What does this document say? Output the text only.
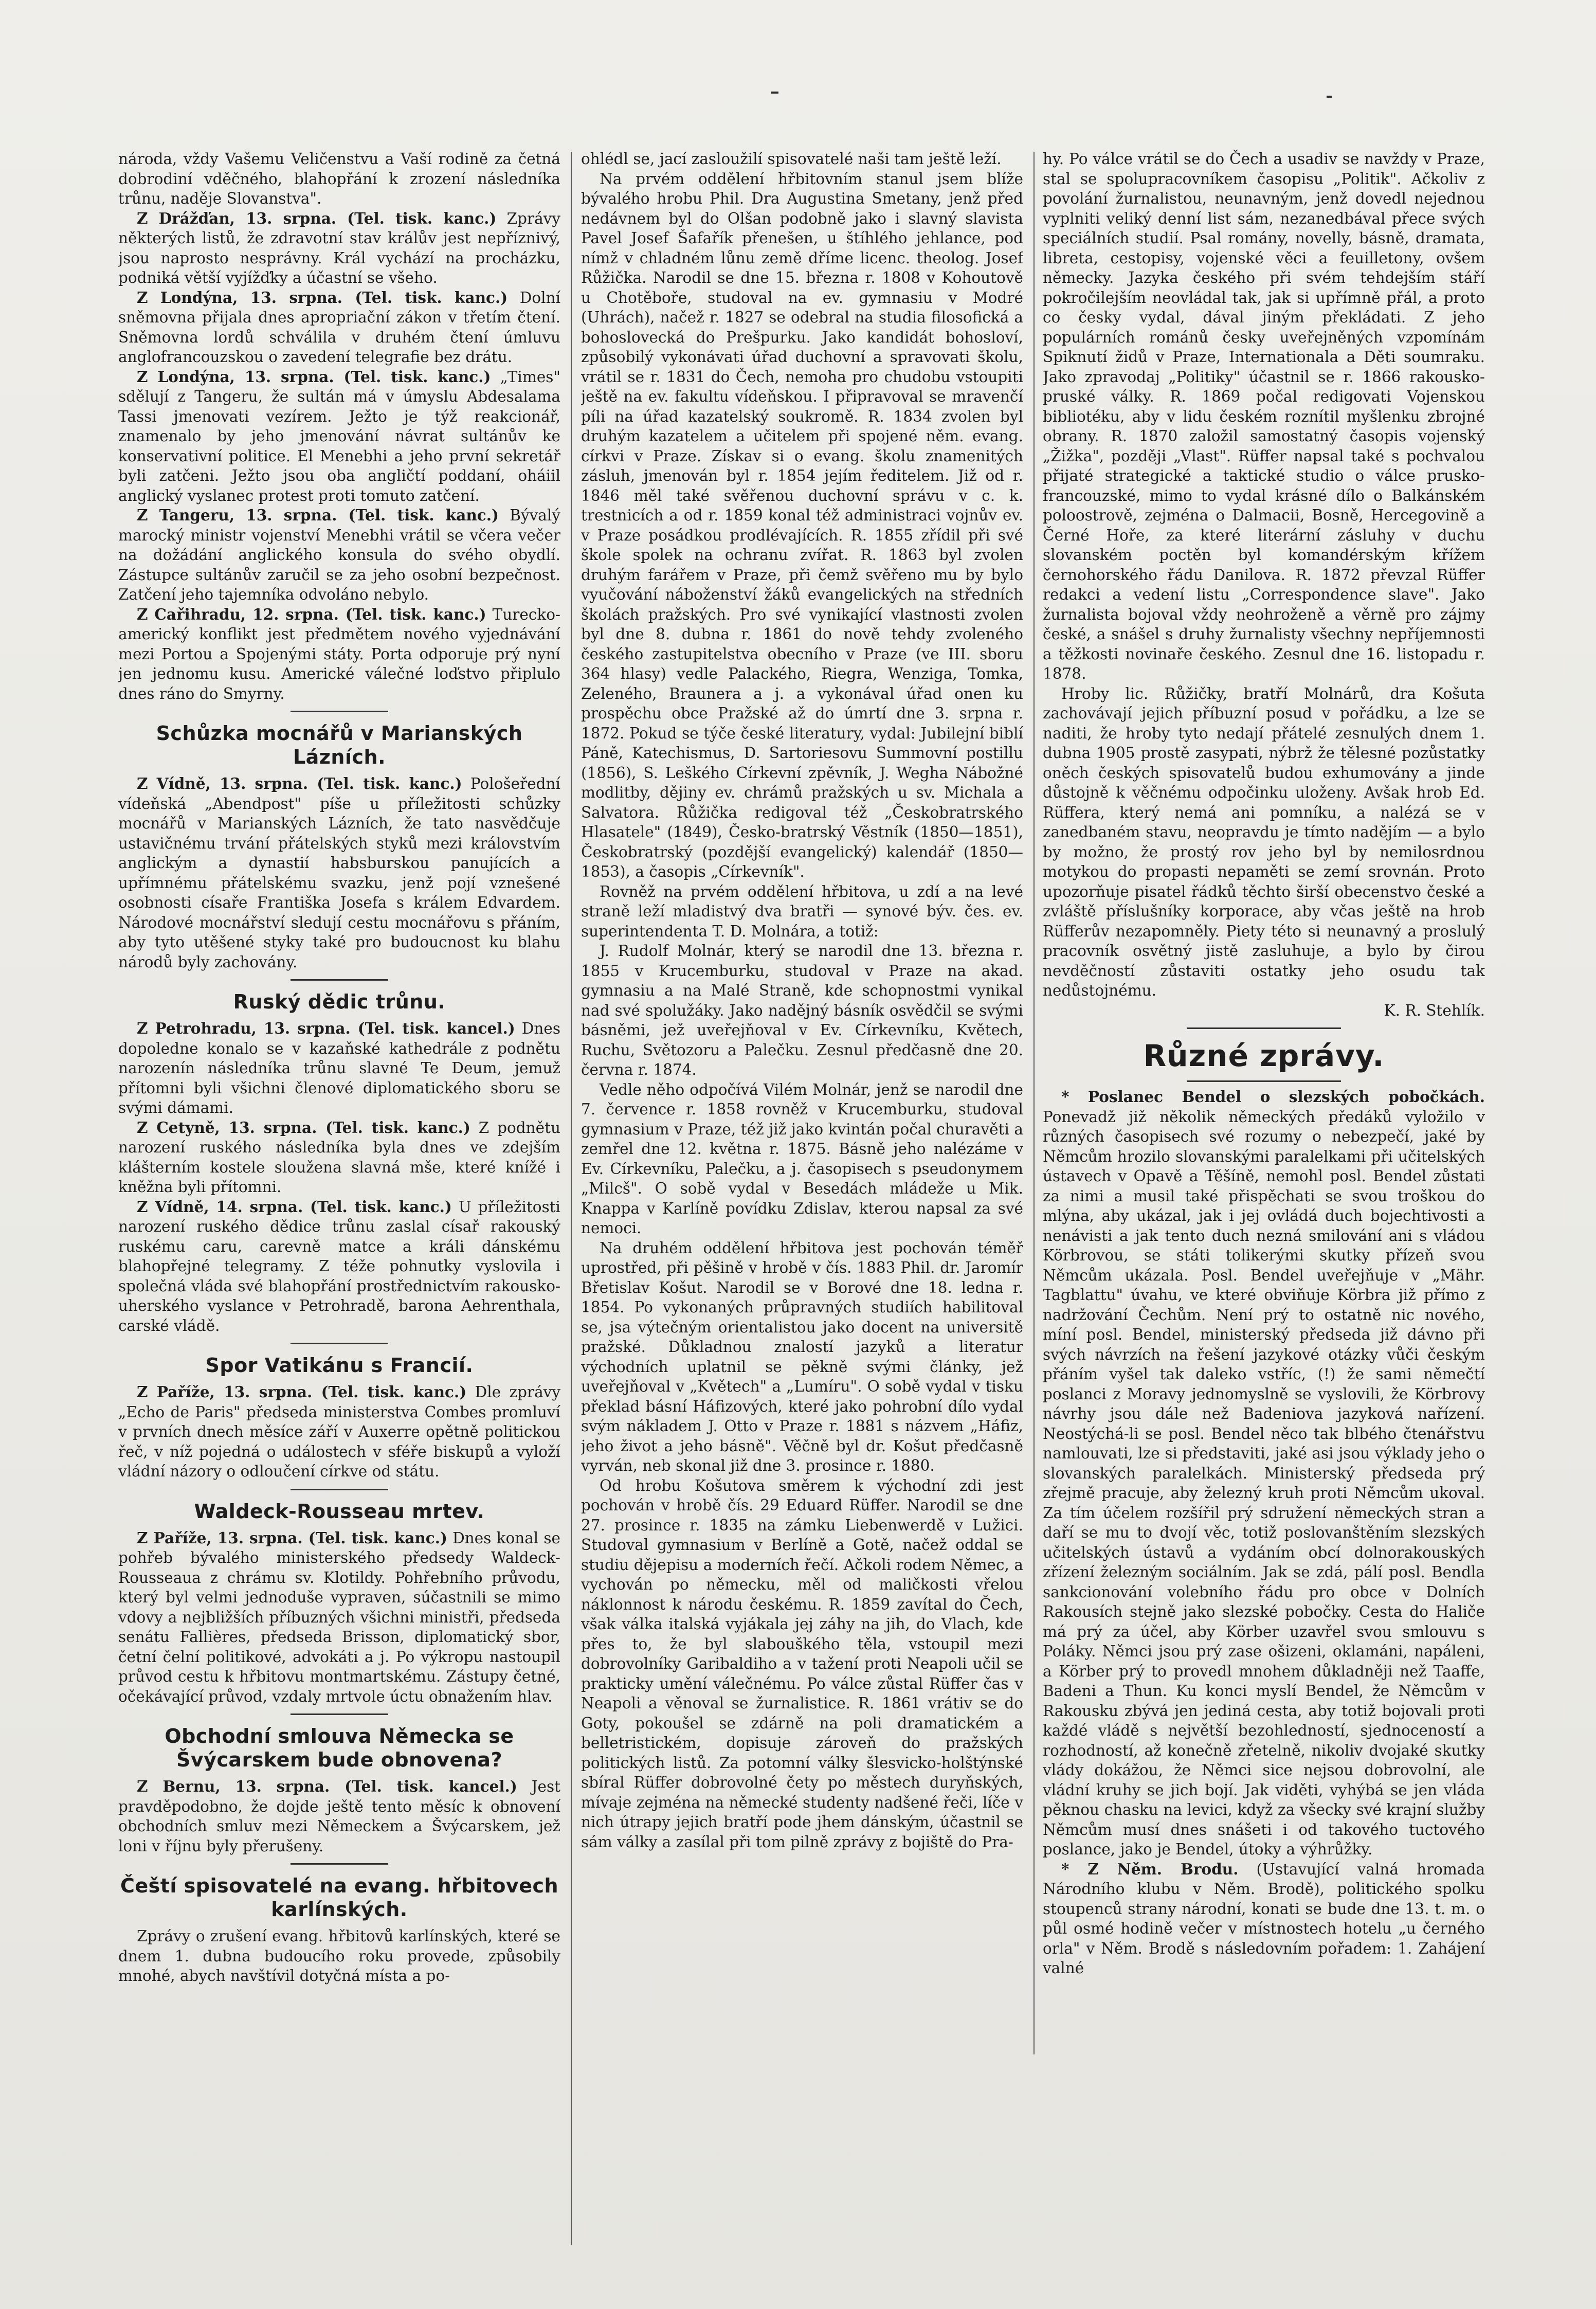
národa, vždy Vašemu Veličenstvu a Vaší rodině za četná dobrodiní vděčného, blahopřání k zrození následníka trůnu, naděje Slovanstva".

Z Drážďan, 13. srpna. (Tel. tisk. kanc.) Zprávy některých listů, že zdravotní stav králův jest nepříznivý, jsou naprosto nesprávny. Král vychází na procházku, podniká větší vyjížďky a účastní se všeho.

Z Londýna, 13. srpna. (Tel. tisk. kanc.) Dolní sněmovna přijala dnes apropriační zákon v třetím čtení. Sněmovna lordů schválila v druhém čtení úmluvu anglofrancouzskou o zavedení telegrafie bez drátu.

Z Londýna, 13. srpna. (Tel. tisk. kanc.) „Times" sdělují z Tangeru, že sultán má v úmyslu Abdesalama Tassi jmenovati vezírem. Ježto je týž reakcionář, znamenalo by jeho jmenování návrat sultánův ke konservativní politice. El Menebhi a jeho první sekretář byli zatčeni. Ježto jsou oba angličtí poddaní, oháiil anglický vyslanec protest proti tomuto zatčení.

Z Tangeru, 13. srpna. (Tel. tisk. kanc.) Bývalý marocký ministr vojenství Menebhi vrátil se včera večer na dožádání anglického konsula do svého obydlí. Zástupce sultánův zaručil se za jeho osobní bezpečnost. Zatčení jeho tajemníka odvoláno nebylo.

Z Cařihradu, 12. srpna. (Tel. tisk. kanc.) Turecko-americký konflikt jest předmětem nového vyjednávání mezi Portou a Spojenými státy. Porta odporuje prý nyní jen jednomu kusu. Americké válečné loďstvo připlulo dnes ráno do Smyrny.

Schůzka mocnářů v Marianských Lázních.

Z Vídně, 13. srpna. (Tel. tisk. kanc.) Pološeřední vídeňská „Abendpost" píše u příležitosti schůzky mocnářů v Marianských Lázních, že tato nasvědčuje ustavičnému trvání přátelských styků mezi královstvím anglickým a dynastií habsburskou panujících a upřímnému přátelskému svazku, jenž pojí vznešené osobnosti císaře Františka Josefa s králem Edvardem. Národové mocnářství sledují cestu mocnářovu s přáním, aby tyto utěšené styky také pro budoucnost ku blahu národů byly zachovány.

Ruský dědic trůnu.

Z Petrohradu, 13. srpna. (Tel. tisk. kancel.) Dnes dopoledne konalo se v kazaňské kathedrále z podnětu narozenín následníka trůnu slavné Te Deum, jemuž přítomni byli všichni členové diplomatického sboru se svými dámami.

Z Cetyně, 13. srpna. (Tel. tisk. kanc.) Z podnětu narození ruského následníka byla dnes ve zdejším klášterním kostele sloužena slavná mše, které knížé i kněžna byli přítomni.

Z Vídně, 14. srpna. (Tel. tisk. kanc.) U příležitosti narození ruského dědice trůnu zaslal císař rakouský ruskému caru, carevně matce a králi dánskému blahopřejné telegramy. Z téže pohnutky vyslovila i společná vláda své blahopřání prostřednictvím rakousko-uherského vyslance v Petrohradě, barona Aehrenthala, carské vládě.

Spor Vatikánu s Francií.

Z Paříže, 13. srpna. (Tel. tisk. kanc.) Dle zprávy „Echo de Paris" předseda ministerstva Combes promluví v prvních dnech měsíce září v Auxerre opětně politickou řeč, v níž pojedná o událostech v sféře biskupů a vyloží vládní názory o odloučení církve od státu.

Waldeck-Rousseau mrtev.

Z Paříže, 13. srpna. (Tel. tisk. kanc.) Dnes konal se pohřeb bývalého ministerského předsedy Waldeck-Rousseaua z chrámu sv. Klotildy. Pohřebního průvodu, který byl velmi jednoduše vypraven, súčastnili se mimo vdovy a nejbližších příbuzných všichni ministři, předseda senátu Fallières, předseda Brisson, diplomatický sbor, četní čelní politikové, advokáti a j. Po výkropu nastoupil průvod cestu k hřbitovu montmartskému. Zástupy četné, očekávající průvod, vzdaly mrtvole úctu obnažením hlav.

Obchodní smlouva Německa se Švýcarskem bude obnovena?

Z Bernu, 13. srpna. (Tel. tisk. kancel.) Jest pravděpodobno, že dojde ještě tento měsíc k obnovení obchodních smluv mezi Německem a Švýcarskem, jež loni v říjnu byly přerušeny.

Čeští spisovatelé na evang. hřbitovech karlínských.

Zprávy o zrušení evang. hřbitovů karlínských, které se dnem 1. dubna budoucího roku provede, způsobily mnohé, abych navštívil dotyčná místa a po-

ohlédl se, jací zasloužilí spisovatelé naši tam ještě leží.

Na prvém oddělení hřbitovním stanul jsem blíže bývalého hrobu Phil. Dra Augustina Smetany, jenž před nedávnem byl do Olšan podobně jako i slavný slavista Pavel Josef Šafařík přenešen, u štíhlého jehlance, pod nímž v chladném lůnu země dříme licenc. theolog. Josef Růžička. Narodil se dne 15. března r. 1808 v Kohoutově u Chotěboře, studoval na ev. gymnasiu v Modré (Uhrách), načež r. 1827 se odebral na studia filosofická a bohoslovecká do Prešpurku. Jako kandidát bohosloví, způsobilý vykonávati úřad duchovní a spravovati školu, vrátil se r. 1831 do Čech, nemoha pro chudobu vstoupiti ještě na ev. fakultu vídeňskou. I připravoval se mravenčí píli na úřad kazatelský soukromě. R. 1834 zvolen byl druhým kazatelem a učitelem při spojené něm. evang. církvi v Praze. Získav si o evang. školu znamenitých zásluh, jmenován byl r. 1854 jejím ředitelem. Již od r. 1846 měl také svěřenou duchovní správu v c. k. trestnicích a od r. 1859 konal též administraci vojnův ev. v Praze posádkou prodlévajících. R. 1855 zřídil při své škole spolek na ochranu zvířat. R. 1863 byl zvolen druhým farářem v Praze, při čemž svěřeno mu by bylo vyučování náboženství žáků evangelických na středních školách pražských. Pro své vynikající vlastnosti zvolen byl dne 8. dubna r. 1861 do nově tehdy zvoleného českého zastupitelstva obecního v Praze (ve III. sboru 364 hlasy) vedle Palackého, Riegra, Wenziga, Tomka, Zeleného, Braunera a j. a vykonával úřad onen ku prospěchu obce Pražské až do úmrtí dne 3. srpna r. 1872. Pokud se týče české literatury, vydal: Jubilejní biblí Páně, Katechismus, D. Sartoriesovu Summovní postillu (1856), S. Leškého Církevní zpěvník, J. Wegha Nábožné modlitby, dějiny ev. chrámů pražských u sv. Michala a Salvatora. Růžička redigoval též „Českobratrského Hlasatele" (1849), Česko-bratrský Věstník (1850—1851), Českobratrský (pozdější evangelický) kalendář (1850—1853), a časopis „Církevník".

Rovněž na prvém oddělení hřbitova, u zdí a na levé straně leží mladistvý dva bratři — synové býv. čes. ev. superintendenta T. D. Molnára, a totiž:

J. Rudolf Molnár, který se narodil dne 13. března r. 1855 v Krucemburku, studoval v Praze na akad. gymnasiu a na Malé Straně, kde schopnostmi vynikal nad své spolužáky. Jako nadějný básník osvědčil se svými básněmi, jež uveřejňoval v Ev. Církevníku, Květech, Ruchu, Světozoru a Palečku. Zesnul předčasně dne 20. června r. 1874.

Vedle něho odpočívá Vilém Molnár, jenž se narodil dne 7. července r. 1858 rovněž v Krucemburku, studoval gymnasium v Praze, též již jako kvintán počal churavěti a zemřel dne 12. května r. 1875. Básně jeho nalézáme v Ev. Církevníku, Palečku, a j. časopisech s pseudonymem „Milcš". O sobě vydal v Besedách mládeže u Mik. Knappa v Karlíně povídku Zdislav, kterou napsal za své nemoci.

Na druhém oddělení hřbitova jest pochován téměř uprostřed, při pěšině v hrobě v čís. 1883 Phil. dr. Jaromír Břetislav Košut. Narodil se v Borové dne 18. ledna r. 1854. Po vykonaných průpravných studiích habilitoval se, jsa výtečným orientalistou jako docent na universitě pražské. Důkladnou znalostí jazyků a literatur východních uplatnil se pěkně svými články, jež uveřejňoval v „Květech" a „Lumíru". O sobě vydal v tisku překlad básní Háfizových, které jako pohrobní dílo vydal svým nákladem J. Otto v Praze r. 1881 s názvem „Háfiz, jeho život a jeho básně". Věčně byl dr. Košut předčasně vyrván, neb skonal již dne 3. prosince r. 1880.

Od hrobu Košutova směrem k východní zdi jest pochován v hrobě čís. 29 Eduard Rüffer. Narodil se dne 27. prosince r. 1835 na zámku Liebenwerdě v Lužici. Studoval gymnasium v Berlíně a Gotě, načež oddal se studiu dějepisu a moderních řečí. Ačkoli rodem Němec, a vychován po německu, měl od maličkosti vřelou náklonnost k národu českému. R. 1859 zavítal do Čech, však válka italská vyjákala jej záhy na jih, do Vlach, kde přes to, že byl slabouškého těla, vstoupil mezi dobrovolníky Garibaldiho a v tažení proti Neapoli učil se prakticky umění válečnému. Po válce zůstal Rüffer čas v Neapoli a věnoval se žurnalistice. R. 1861 vrátiv se do Goty, pokoušel se zdárně na poli dramatickém a belletristickém, dopisuje zároveň do pražských politických listů. Za potomní války šlesvicko-holštýnské sbíral Rüffer dobrovolné čety po městech duryňských, mívaje zejména na německé studenty nadšené řeči, líče v nich útrapy jejich bratří pode jhem dánským, účastnil se sám války a zasílal při tom pilně zprávy z bojiště do Pra-

hy. Po válce vrátil se do Čech a usadiv se navždy v Praze, stal se spolupracovníkem časopisu „Politik". Ačkoliv z povolání žurnalistou, neunavným, jenž dovedl nejednou vyplniti veliký denní list sám, nezanedbával přece svých speciálních studií. Psal romány, novelly, básně, dramata, libreta, cestopisy, vojenské věci a feuilletony, ovšem německy. Jazyka českého při svém tehdejším stáří pokročilejším neovládal tak, jak si upřímně přál, a proto co česky vydal, dával jiným překládati. Z jeho populárních románů česky uveřejněných vzpomínám Spiknutí židů v Praze, Internationala a Děti soumraku. Jako zpravodaj „Politiky" účastnil se r. 1866 rakousko-pruské války. R. 1869 počal redigovati Vojenskou bibliotéku, aby v lidu českém roznítil myšlenku zbrojné obrany. R. 1870 založil samostatný časopis vojenský „Žižka", později „Vlast". Rüffer napsal také s pochvalou přijaté strategické a taktické studio o válce prusko-francouzské, mimo to vydal krásné dílo o Balkánském poloostrově, zejména o Dalmacii, Bosně, Hercegovině a Černé Hoře, za které literární zásluhy v duchu slovanském poctěn byl komandérským křížem černohorského řádu Danilova. R. 1872 převzal Rüffer redakci a vedení listu „Correspondence slave". Jako žurnalista bojoval vždy neohroženě a věrně pro zájmy české, a snášel s druhy žurnalisty všechny nepříjemnosti a těžkosti novinaře českého. Zesnul dne 16. listopadu r. 1878.

Hroby lic. Růžičky, bratří Molnárů, dra Košuta zachovávají jejich příbuzní posud v pořádku, a lze se naditi, že hroby tyto nedají přátelé zesnulých dnem 1. dubna 1905 prostě zasypati, nýbrž že tělesné pozůstatky oněch českých spisovatelů budou exhumovány a jinde důstojně k věčnému odpočinku uloženy. Avšak hrob Ed. Rüffera, který nemá ani pomníku, a nalézá se v zanedbaném stavu, neopravdu je tímto nadějím — a bylo by možno, že prostý rov jeho byl by nemilosrdnou motykou do propasti nepaměti se zemí srovnán. Proto upozorňuje pisatel řádků těchto širší obecenstvo české a zvláště příslušníky korporace, aby včas ještě na hrob Rüfferův nezapomněly. Piety této si neunavný a proslulý pracovník osvětný jistě zasluhuje, a bylo by čirou nevděčností zůstaviti ostatky jeho osudu tak nedůstojnému.

K. R. Stehlík.
Různé zprávy.

* Poslanec Bendel o slezských pobočkách. Ponevadž již několik německých předáků vyložilo v různých časopisech své rozumy o nebezpečí, jaké by Němcům hrozilo slovanskými paralelkami při učitelských ústavech v Opavě a Těšíně, nemohl posl. Bendel zůstati za nimi a musil také přispěchati se svou troškou do mlýna, aby ukázal, jak i jej ovládá duch bojechtivosti a nenávisti a jak tento duch nezná smilování ani s vládou Körbrovou, se státi tolikerými skutky přízeň svou Němcům ukázala. Posl. Bendel uveřejňuje v „Mähr. Tagblattu" úvahu, ve které obviňuje Körbra již přímo z nadržování Čechům. Není prý to ostatně nic nového, míní posl. Bendel, ministerský předseda již dávno při svých návrzích na řešení jazykové otázky vůči českým přáním vyšel tak daleko vstříc, (!) že sami němečtí poslanci z Moravy jednomyslně se vyslovili, že Körbrovy návrhy jsou dále než Badeniova jazyková nařízení. Neostýchá-li se posl. Bendel něco tak blbého čtenářstvu namlouvati, lze si představiti, jaké asi jsou výklady jeho o slovanských paralelkách. Ministerský předseda prý zřejmě pracuje, aby železný kruh proti Němcům ukoval. Za tím účelem rozšířil prý sdružení německých stran a daří se mu to dvojí věc, totiž poslovanštěním slezských učitelských ústavů a vydáním obcí dolnorakouských zřízení železným sociálním. Jak se zdá, pálí posl. Bendla sankcionování volebního řádu pro obce v Dolních Rakousích stejně jako slezské pobočky. Cesta do Haliče má prý za účel, aby Körber uzavřel svou smlouvu s Poláky. Němci jsou prý zase ošizeni, oklamáni, napáleni, a Körber prý to provedl mnohem důkladněji než Taaffe, Badeni a Thun. Ku konci myslí Bendel, že Němcům v Rakousku zbývá jen jediná cesta, aby totiž bojovali proti každé vládě s největší bezohledností, sjednoceností a rozhodností, až konečně zřetelně, nikoliv dvojaké skutky vlády dokážou, že Němci sice nejsou dobrovolní, ale vládní kruhy se jich bojí. Jak viděti, vyhýbá se jen vláda pěknou chasku na levici, když za všecky své krajní služby Němcům musí dnes snášeti i od takového tuctového poslance, jako je Bendel, útoky a výhrůžky.

* Z Něm. Brodu. (Ustavující valná hromada Národního klubu v Něm. Brodě), politického spolku stoupenců strany národní, konati se bude dne 13. t. m. o půl osmé hodině večer v místnostech hotelu „u černého orla" v Něm. Brodě s následovním pořadem: 1. Zahájení valné
